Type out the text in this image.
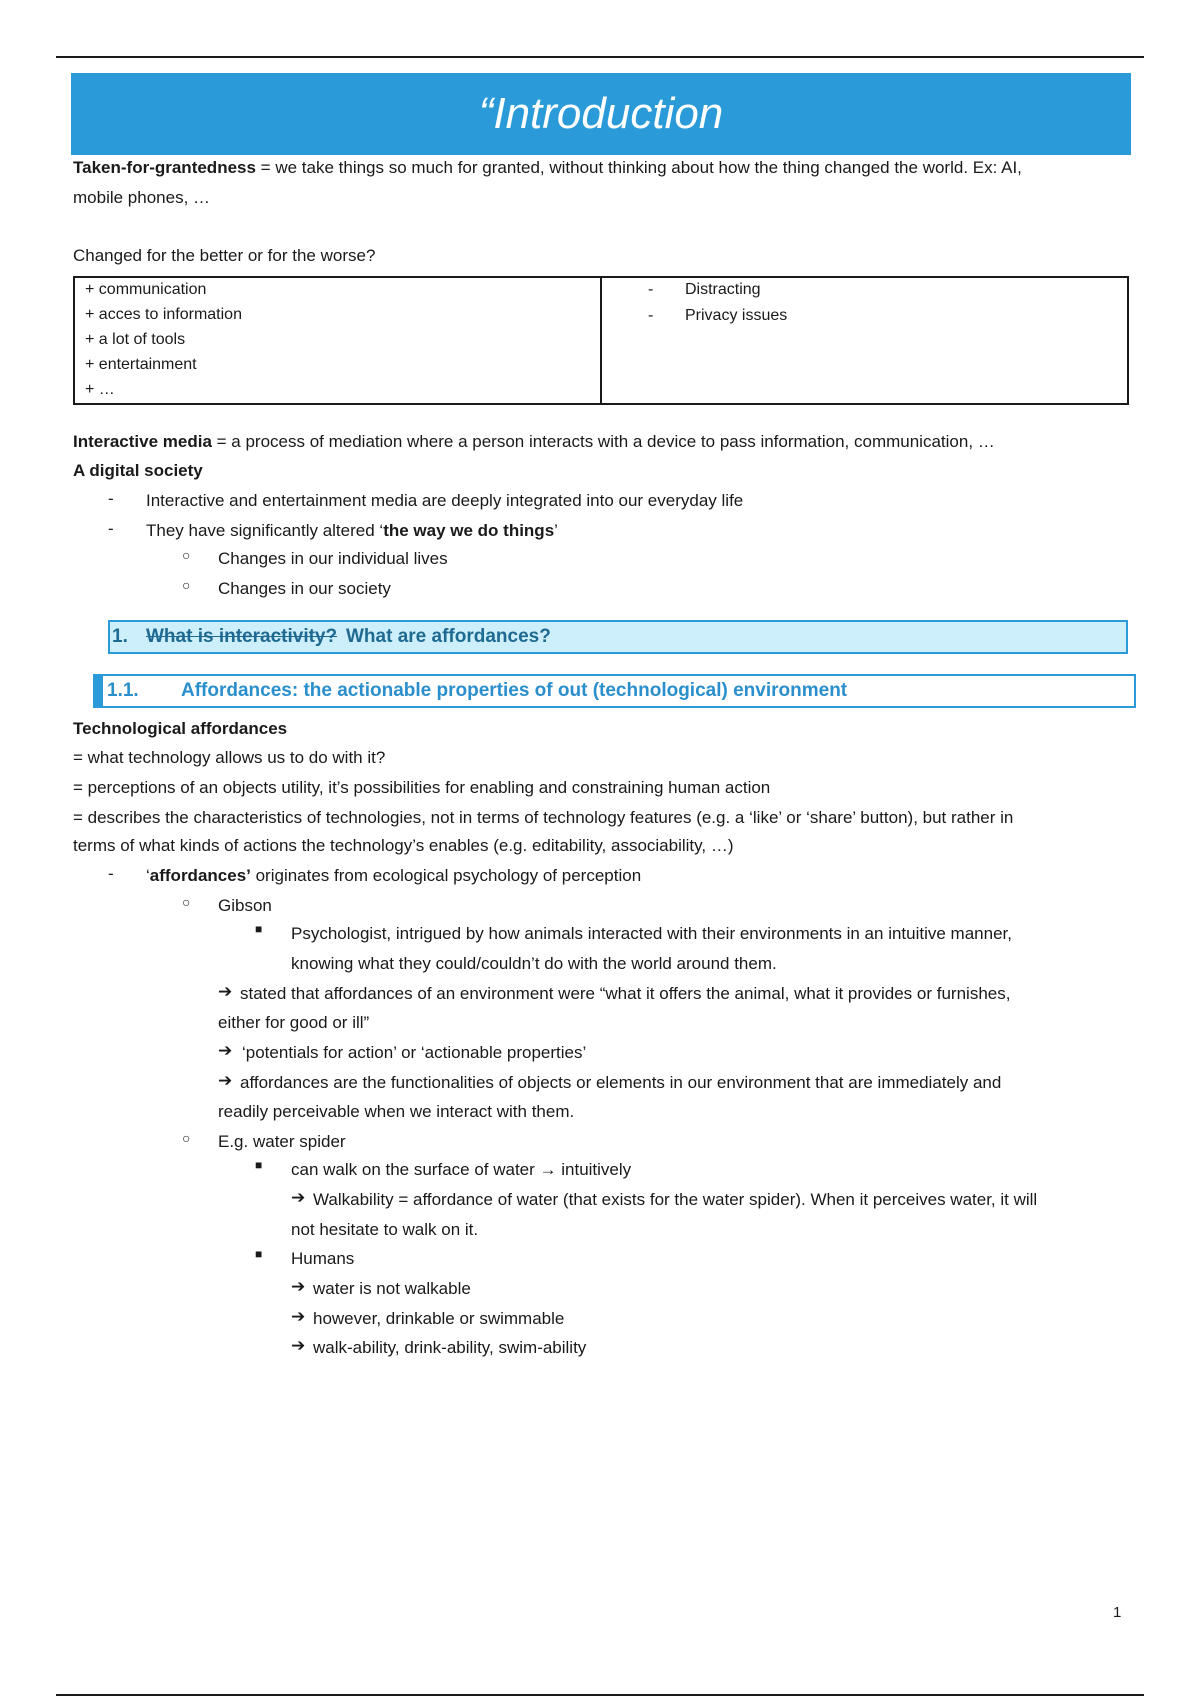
“Introduction
Taken-for-grantedness = we take things so much for granted, without thinking about how the thing changed the world. Ex: AI,
mobile phones, …
Changed for the better or for the worse?
+ communication
+ acces to information
+ a lot of tools
+ entertainment
+ …

- Distracting
- Privacy issues
Interactive media = a process of mediation where a person interacts with a device to pass information, communication, …
A digital society
- Interactive and entertainment media are deeply integrated into our everyday life
- They have significantly altered ‘the way we do things’
○ Changes in our individual lives
○ Changes in our society
1. What is interactivity? What are affordances?
1.1. Affordances: the actionable properties of out (technological) environment
Technological affordances
= what technology allows us to do with it?
= perceptions of an objects utility, it’s possibilities for enabling and constraining human action
= describes the characteristics of technologies, not in terms of technology features (e.g. a ‘like’ or ‘share’ button), but rather in
terms of what kinds of actions the technology’s enables (e.g. editability, associability, …)
- ‘affordances’ originates from ecological psychology of perception
○ Gibson
■ Psychologist, intrigued by how animals interacted with their environments in an intuitive manner,
knowing what they could/couldn’t do with the world around them.
➔ stated that affordances of an environment were “what it offers the animal, what it provides or furnishes,
either for good or ill”
➔ ‘potentials for action’ or ‘actionable properties’
➔ affordances are the functionalities of objects or elements in our environment that are immediately and
readily perceivable when we interact with them.
○ E.g. water spider
■ can walk on the surface of water → intuitively
➔ Walkability = affordance of water (that exists for the water spider). When it perceives water, it will
not hesitate to walk on it.
■ Humans
➔ water is not walkable
➔ however, drinkable or swimmable
➔ walk-ability, drink-ability, swim-ability
1
